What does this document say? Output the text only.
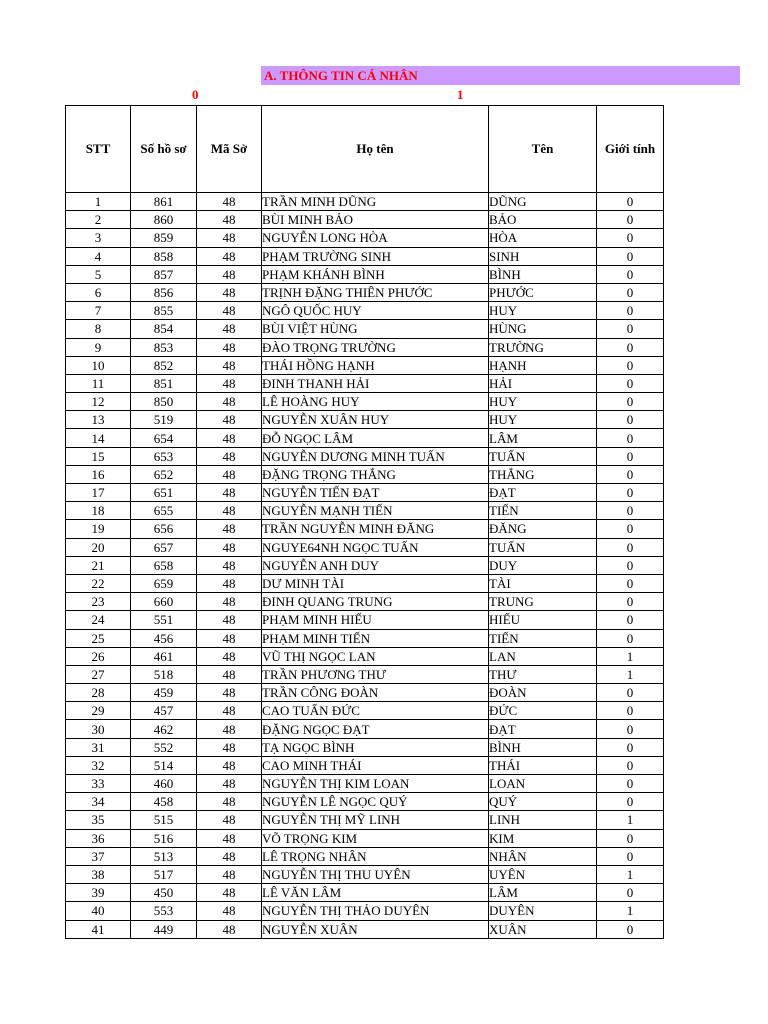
A. THÔNG TIN CÁ NHÂN
0	1
STT	Số hồ sơ	Mã Sở	Họ tên	Tên	Giới tính
1	861	48	TRẦN MINH DŨNG	DŨNG	0
2	860	48	BÙI MINH BẢO	BẢO	0
3	859	48	NGUYỄN LONG HÒA	HÒA	0
4	858	48	PHẠM TRƯỜNG SINH	SINH	0
5	857	48	PHẠM KHÁNH BÌNH	BÌNH	0
6	856	48	TRỊNH ĐẶNG THIÊN PHƯỚC	PHƯỚC	0
7	855	48	NGÔ QUỐC HUY	HUY	0
8	854	48	BÙI VIỆT HÙNG	HÙNG	0
9	853	48	ĐÀO TRỌNG TRƯỜNG	TRƯỜNG	0
10	852	48	THÁI HỒNG HẠNH	HẠNH	0
11	851	48	ĐINH THANH HẢI	HẢI	0
12	850	48	LÊ HOÀNG HUY	HUY	0
13	519	48	NGUYỄN XUÂN HUY	HUY	0
14	654	48	ĐỖ NGỌC LÂM	LÂM	0
15	653	48	NGUYỄN DƯƠNG MINH TUẤN	TUẤN	0
16	652	48	ĐẶNG TRỌNG THẮNG	THẮNG	0
17	651	48	NGUYỄN TIẾN ĐẠT	ĐẠT	0
18	655	48	NGUYỄN MẠNH TIẾN	TIẾN	0
19	656	48	TRẦN NGUYỄN MINH ĐĂNG	ĐĂNG	0
20	657	48	NGUYE64NH NGỌC TUẤN	TUẤN	0
21	658	48	NGUYỄN ANH DUY	DUY	0
22	659	48	DƯ MINH TÀI	TÀI	0
23	660	48	ĐINH QUANG TRUNG	TRUNG	0
24	551	48	PHẠM MINH HIẾU	HIẾU	0
25	456	48	PHẠM MINH TIẾN	TIẾN	0
26	461	48	VŨ THỊ NGỌC LAN	LAN	1
27	518	48	TRẦN PHƯƠNG THƯ	THƯ	1
28	459	48	TRẦN CÔNG ĐOÀN	ĐOÀN	0
29	457	48	CAO TUẤN ĐỨC	ĐỨC	0
30	462	48	ĐẶNG NGỌC ĐẠT	ĐẠT	0
31	552	48	TẠ NGỌC BÌNH	BÌNH	0
32	514	48	CAO MINH THÁI	THÁI	0
33	460	48	NGUYỄN THỊ KIM LOAN	LOAN	0
34	458	48	NGUYỄN LÊ NGỌC QUÝ	QUÝ	0
35	515	48	NGUYỄN THỊ MỸ LINH	LINH	1
36	516	48	VÕ TRỌNG KIM	KIM	0
37	513	48	LÊ TRỌNG NHÂN	NHÂN	0
38	517	48	NGUYỄN THỊ THU UYÊN	UYÊN	1
39	450	48	LÊ VĂN LÂM	LÂM	0
40	553	48	NGUYỄN THỊ THẢO DUYÊN	DUYÊN	1
41	449	48	NGUYỄN XUÂN	XUÂN	0
